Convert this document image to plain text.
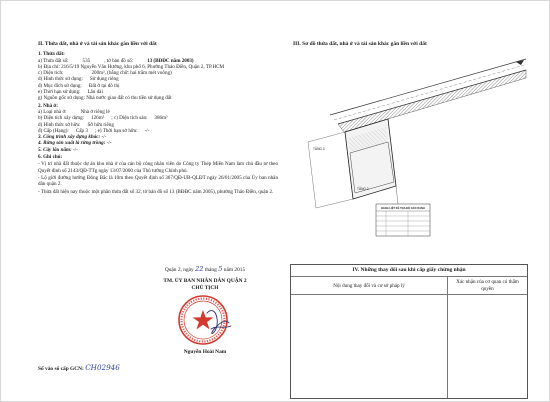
II. Thửa đất, nhà ở và tài sản khác gắn liền với đất
1. Thửa đất:
a) Thửa đất số:	535	, tờ bản đồ số:	13 (BĐĐC năm 2003)
b) Địa chỉ: 216/5/19 Nguyễn Văn Hưởng, khu phố 6, Phường Thảo Điền, Quận 2, TP.HCM
c) Diện tích:	200m², (bằng chữ: hai trăm mét vuông)
d) Hình thức sử dụng: Sử dụng riêng
đ) Mục đích sử dụng: Đất ở tại đô thị
e) Thời hạn sử dụng: Lâu dài
g) Nguồn gốc sử dụng: Nhà nước giao đất có thu tiền sử dụng đất
2. Nhà ở:
a) Loại nhà ở:	Nhà ở riêng lẻ
b) Diện tích xây dựng: 126m² ; c) Diện tích sàn: 386m²
d) Hình thức sở hữu: Sở hữu riêng
đ) Cấp (Hạng): Cấp 3 ; e) Thời hạn sở hữu: -/-
3. Công trình xây dựng khác: -/-
4. Rừng sản xuất là rừng trồng: -/-
5. Cây lâu năm: -/-
6. Ghi chú:

- Vị trí nhà đất thuộc dự án khu nhà ở của cán bộ công nhân viên do Công ty Thép Miền Nam làm chủ đầu tư theo Quyết định số 2143/QĐ-TTg ngày 13/07/2000 của Thủ tướng Chính phủ.

- Lộ giới đường hướng Đông Bắc là 10m theo Quyết định số 367/QĐ-UB-QLĐT ngày 26/01/2005 của Ủy ban nhân dân quận 2.

- Thửa đất hiện nay thuộc một phần thửa đất số 32, tờ bản đồ số 13 (BĐĐC năm 2005), phường Thảo Điền, quận 2.

Quận 2, ngày 22 tháng 5 năm 2015
TM. ỦY BAN NHÂN DÂN QUẬN 2
CHỦ TỊCH
Nguyễn Hoài Nam
Số vào sổ cấp GCN: CH02946
III. Sơ đồ thửa đất, nhà ở và tài sản khác gắn liền với đất
TẦNG 3
TẦNG 2
BẢNG LIỆT KÊ TỌA ĐỘ GÓC RANH
IV. Những thay đổi sau khi cấp giấy chứng nhận
Nội dung thay đổi và cơ sở pháp lý
Xác nhận của cơ quan có thẩm quyền
